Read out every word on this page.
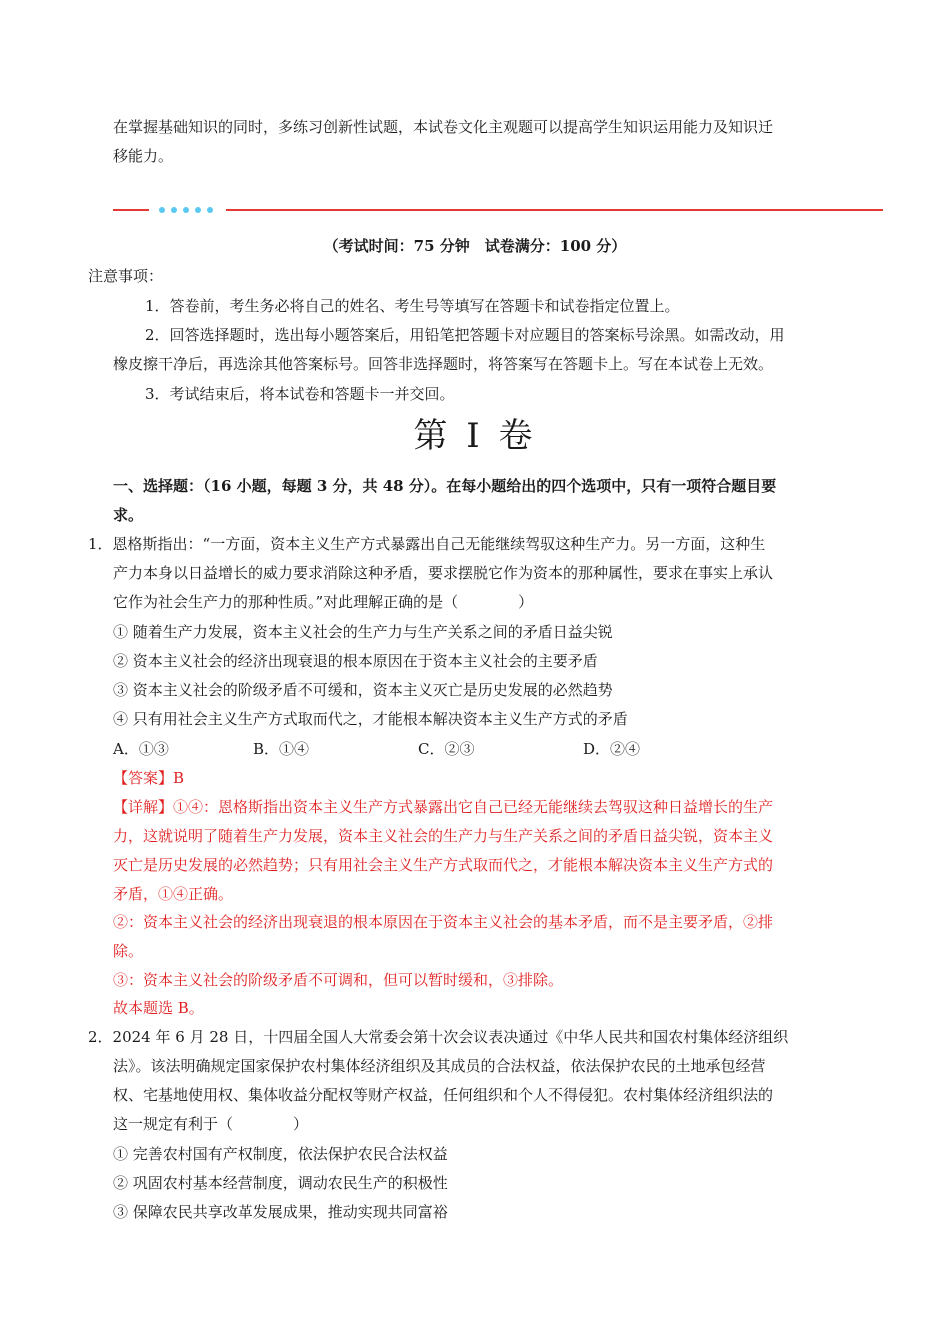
在掌握基础知识的同时，多练习创新性试题，本试卷文化主观题可以提高学生知识运用能力及知识迁
移能力。
（考试时间：75 分钟　试卷满分：100 分）
注意事项：
1．答卷前，考生务必将自己的姓名、考生号等填写在答题卡和试卷指定位置上。
2．回答选择题时，选出每小题答案后，用铅笔把答题卡对应题目的答案标号涂黑。如需改动，用
橡皮擦干净后，再选涂其他答案标号。回答非选择题时，将答案写在答题卡上。写在本试卷上无效。
3．考试结束后，将本试卷和答题卡一并交回。
第 I 卷
一、选择题：（16 小题，每题 3 分，共 48 分）。在每小题给出的四个选项中，只有一项符合题目要
求。
1．恩格斯指出：“一方面，资本主义生产方式暴露出自己无能继续驾驭这种生产力。另一方面，这种生
产力本身以日益增长的威力要求消除这种矛盾，要求摆脱它作为资本的那种属性，要求在事实上承认
它作为社会生产力的那种性质。”对此理解正确的是（　　　　）
① 随着生产力发展，资本主义社会的生产力与生产关系之间的矛盾日益尖锐
② 资本主义社会的经济出现衰退的根本原因在于资本主义社会的主要矛盾
③ 资本主义社会的阶级矛盾不可缓和，资本主义灭亡是历史发展的必然趋势
④ 只有用社会主义生产方式取而代之，才能根本解决资本主义生产方式的矛盾
A．①③	B．①④	C．②③	D．②④
【答案】B
【详解】①④：恩格斯指出资本主义生产方式暴露出它自己已经无能继续去驾驭这种日益增长的生产
力，这就说明了随着生产力发展，资本主义社会的生产力与生产关系之间的矛盾日益尖锐，资本主义
灭亡是历史发展的必然趋势；只有用社会主义生产方式取而代之，才能根本解决资本主义生产方式的
矛盾，①④正确。
②：资本主义社会的经济出现衰退的根本原因在于资本主义社会的基本矛盾，而不是主要矛盾，②排
除。
③：资本主义社会的阶级矛盾不可调和，但可以暂时缓和，③排除。
故本题选 B。
2．2024 年 6 月 28 日，十四届全国人大常委会第十次会议表决通过《中华人民共和国农村集体经济组织
法》。该法明确规定国家保护农村集体经济组织及其成员的合法权益，依法保护农民的土地承包经营
权、宅基地使用权、集体收益分配权等财产权益，任何组织和个人不得侵犯。农村集体经济组织法的
这一规定有利于（　　　　）
① 完善农村国有产权制度，依法保护农民合法权益
② 巩固农村基本经营制度，调动农民生产的积极性
③ 保障农民共享改革发展成果，推动实现共同富裕
